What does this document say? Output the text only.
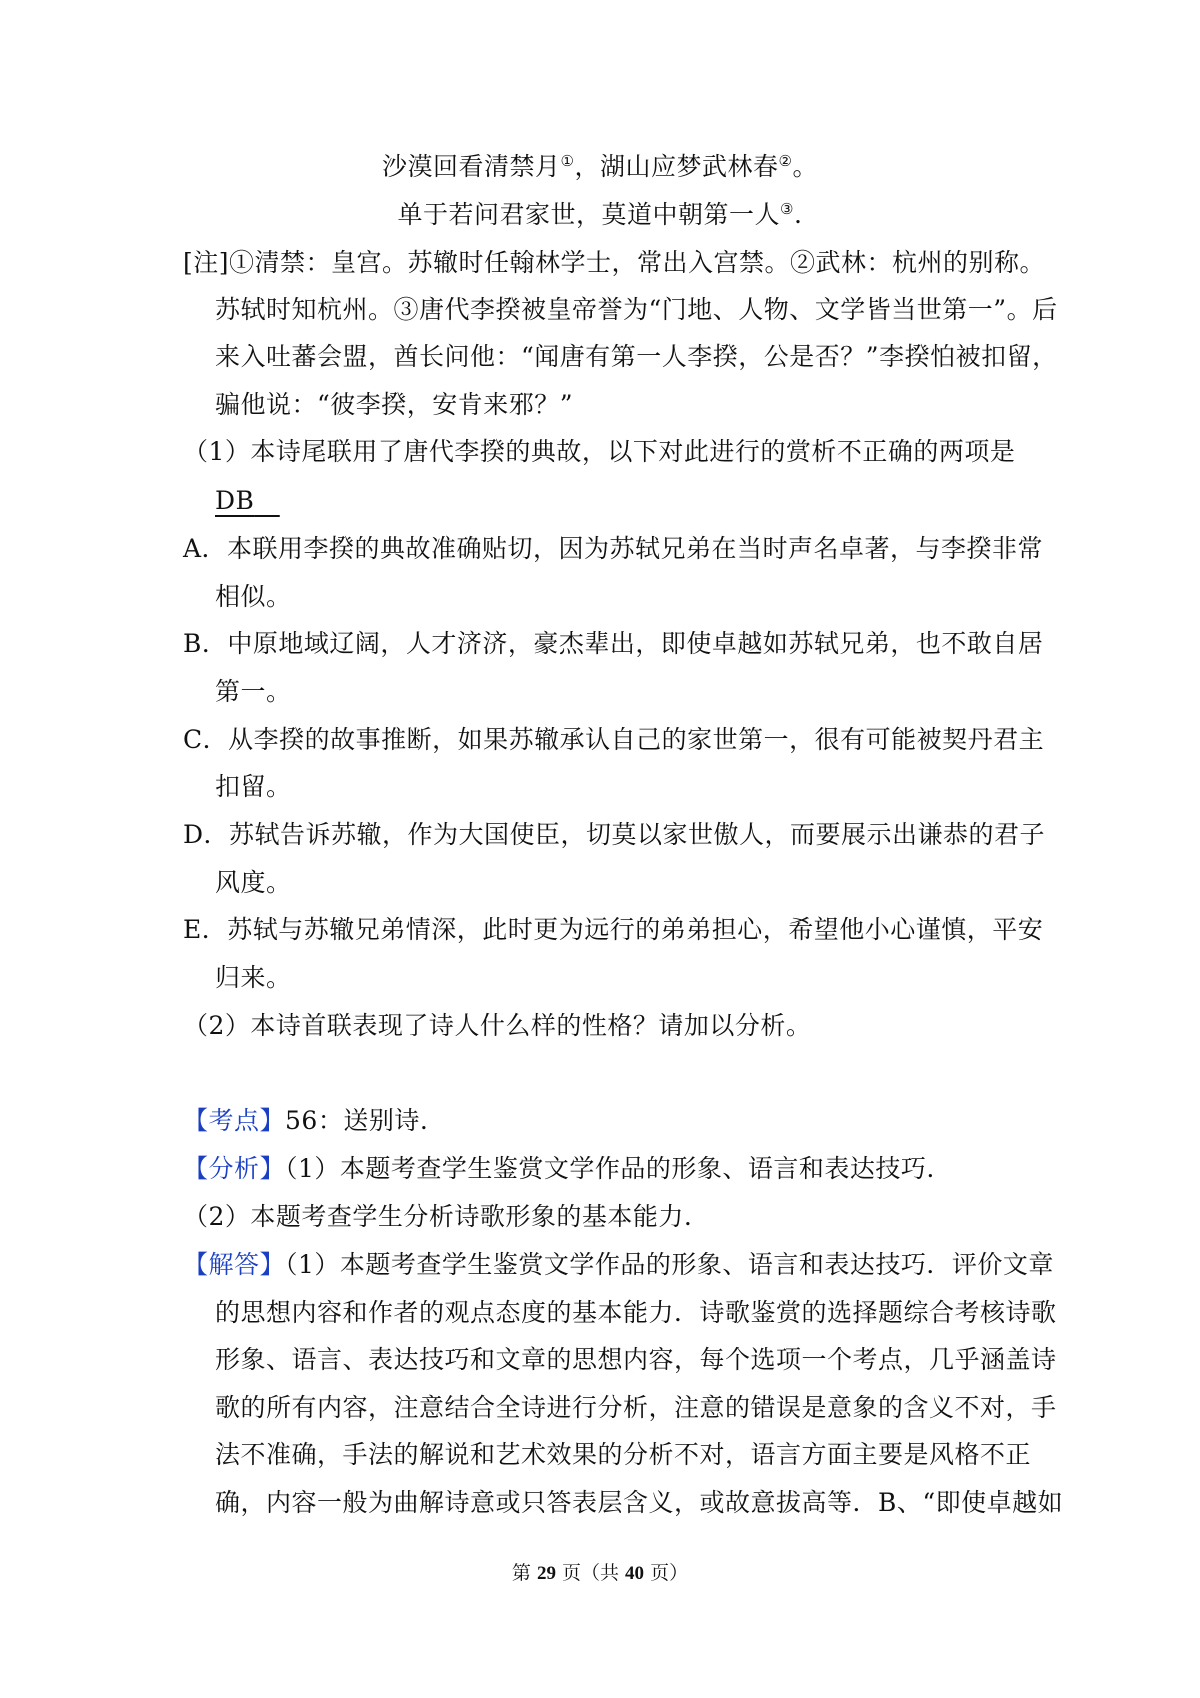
沙漠回看清禁月①，湖山应梦武林春②。
单于若问君家世，莫道中朝第一人③.
[注]①清禁：皇宫。苏辙时任翰林学士，常出入宫禁。②武林：杭州的别称。
苏轼时知杭州。③唐代李揆被皇帝誉为“门地、人物、文学皆当世第一”。后
来入吐蕃会盟，酋长问他：“闻唐有第一人李揆，公是否？”李揆怕被扣留，
骗他说：“彼李揆，安肯来邪？”
（1）本诗尾联用了唐代李揆的典故，以下对此进行的赏析不正确的两项是
DB
A．本联用李揆的典故准确贴切，因为苏轼兄弟在当时声名卓著，与李揆非常
相似。
B．中原地域辽阔，人才济济，豪杰辈出，即使卓越如苏轼兄弟，也不敢自居
第一。
C．从李揆的故事推断，如果苏辙承认自己的家世第一，很有可能被契丹君主
扣留。
D．苏轼告诉苏辙，作为大国使臣，切莫以家世傲人，而要展示出谦恭的君子
风度。
E．苏轼与苏辙兄弟情深，此时更为远行的弟弟担心，希望他小心谨慎，平安
归来。
（2）本诗首联表现了诗人什么样的性格？请加以分析。
【考点】56：送别诗.
【分析】（1）本题考查学生鉴赏文学作品的形象、语言和表达技巧.
（2）本题考查学生分析诗歌形象的基本能力.
【解答】（1）本题考查学生鉴赏文学作品的形象、语言和表达技巧．评价文章
的思想内容和作者的观点态度的基本能力．诗歌鉴赏的选择题综合考核诗歌
形象、语言、表达技巧和文章的思想内容，每个选项一个考点，几乎涵盖诗
歌的所有内容，注意结合全诗进行分析，注意的错误是意象的含义不对，手
法不准确，手法的解说和艺术效果的分析不对，语言方面主要是风格不正
确，内容一般为曲解诗意或只答表层含义，或故意拔高等．B、“即使卓越如
第 29 页（共 40 页）
